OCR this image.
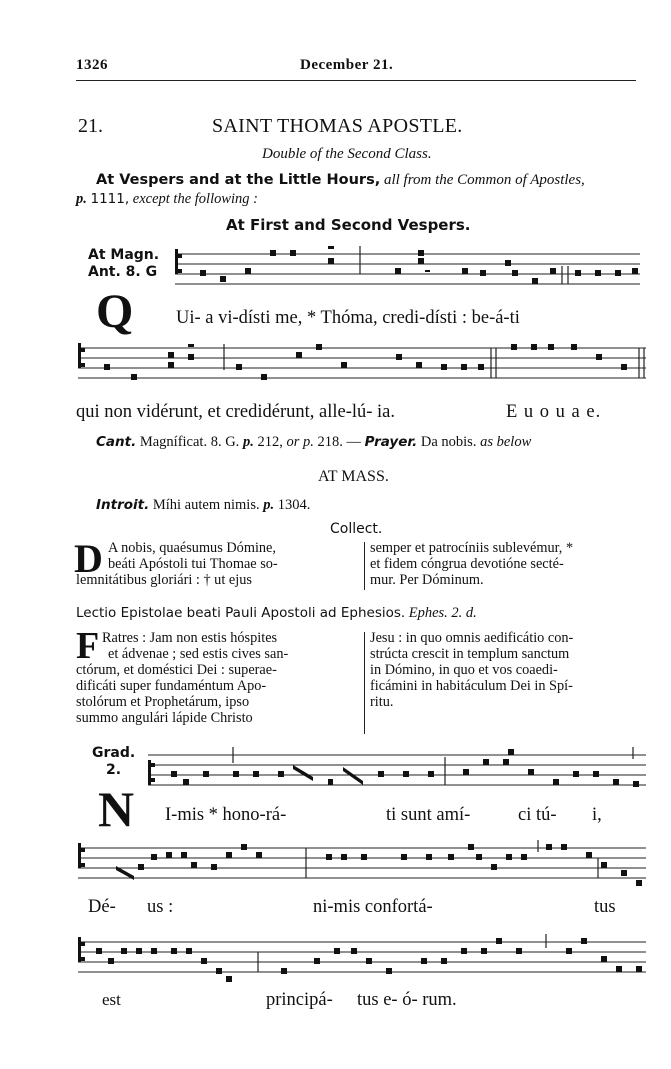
1326	December 21.
21.	SAINT THOMAS APOSTLE.
Double of the Second Class.
At Vespers and at the Little Hours, all from the Common of Apostles,
p. 1111, except the following :
At First and Second Vespers.
At Magn.
Ant. 8. G
Q Ui- a vi-dísti me, * Thóma, credi-dísti : be-á-ti
qui non vidérunt, et credidérunt, alle-lú- ia.	E u o u a e.
Cant. Magníficat. 8. G. p. 212, or p. 218. — Prayer. Da nobis. as below
AT MASS.
Introit. Míhi autem nimis. p. 1304.
Collect.
D A nobis, quaésumus Dómine,
beáti Apóstoli tui Thomae so-
lemnitátibus gloriári : † ut ejus
semper et patrocíniis sublevémur, *
et fidem cóngrua devotióne secté-
mur. Per Dóminum.
Lectio Epistolae beati Pauli Apostoli ad Ephesios. Ephes. 2. d.
F Ratres : Jam non estis hóspites
et ádvenae ; sed estis cives san-
ctórum, et doméstici Dei : superae-
dificáti super fundaméntum Apo-
stolórum et Prophetárum, ipso
summo angulári lápide Christo
Jesu : in quo omnis aedificátio con-
strúcta crescit in templum sanctum
in Dómino, in quo et vos coaedi-
ficámini in habitáculum Dei in Spí-
ritu.
Grad.
2.
N I-mis * hono-rá-	ti sunt amí-	ci tú- i,
Dé- us :	ni-mis confortá-	tus
est	principá- tus e- ó- rum.
